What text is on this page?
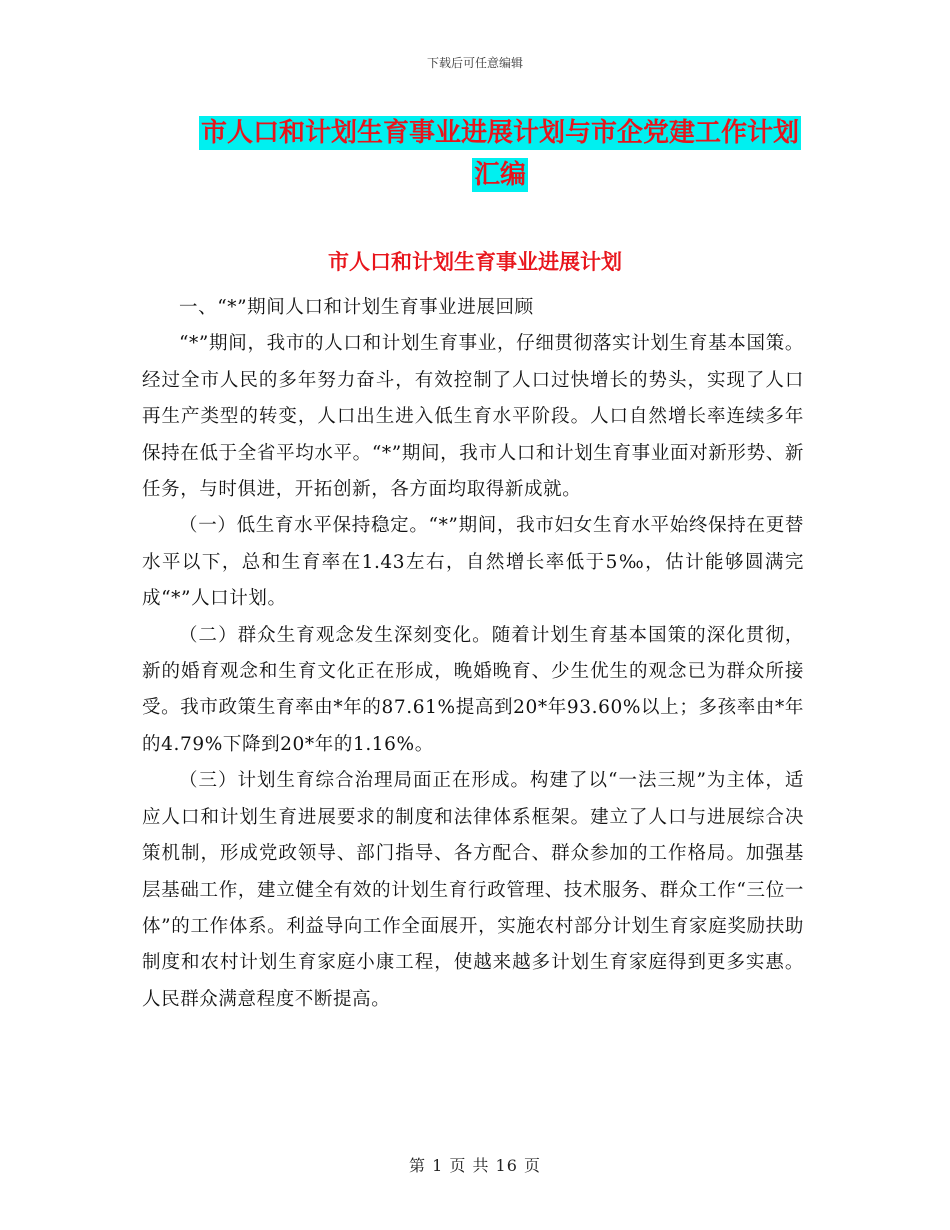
下载后可任意编辑
市人口和计划生育事业进展计划与市企党建工作计划
汇编
市人口和计划生育事业进展计划

一、“*”期间人口和计划生育事业进展回顾

“*”期间，我市的人口和计划生育事业，仔细贯彻落实计划生育基本国策。经过全市人民的多年努力奋斗，有效控制了人口过快增长的势头，实现了人口再生产类型的转变，人口出生进入低生育水平阶段。人口自然增长率连续多年保持在低于全省平均水平。“*”期间，我市人口和计划生育事业面对新形势、新任务，与时俱进，开拓创新，各方面均取得新成就。

（一）低生育水平保持稳定。“*”期间，我市妇女生育水平始终保持在更替水平以下，总和生育率在1.43左右，自然增长率低于5‰，估计能够圆满完成“*”人口计划。

（二）群众生育观念发生深刻变化。随着计划生育基本国策的深化贯彻，新的婚育观念和生育文化正在形成，晚婚晚育、少生优生的观念已为群众所接受。我市政策生育率由*年的87.61%提高到20*年93.60%以上；多孩率由*年的4.79%下降到20*年的1.16%。

（三）计划生育综合治理局面正在形成。构建了以“一法三规”为主体，适应人口和计划生育进展要求的制度和法律体系框架。建立了人口与进展综合决策机制，形成党政领导、部门指导、各方配合、群众参加的工作格局。加强基层基础工作，建立健全有效的计划生育行政管理、技术服务、群众工作“三位一体”的工作体系。利益导向工作全面展开，实施农村部分计划生育家庭奖励扶助制度和农村计划生育家庭小康工程，使越来越多计划生育家庭得到更多实惠。人民群众满意程度不断提高。

第 1 页 共 16 页
